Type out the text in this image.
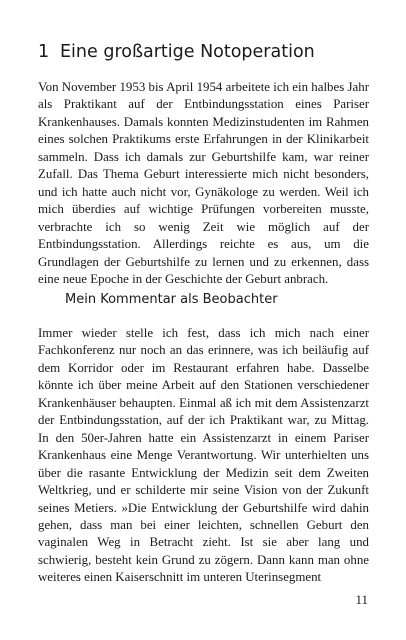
1 Eine großartige Notoperation

Von November 1953 bis April 1954 arbeitete ich ein halbes Jahr als Praktikant auf der Entbindungsstation eines Pariser Krankenhauses. Damals konnten Medizinstudenten im Rahmen eines solchen Praktikums erste Erfahrungen in der Klinikarbeit sammeln. Dass ich damals zur Geburtshilfe kam, war reiner Zufall. Das Thema Geburt interessierte mich nicht besonders, und ich hatte auch nicht vor, Gynäkologe zu werden. Weil ich mich überdies auf wichtige Prüfungen vorbereiten musste, verbrachte ich so wenig Zeit wie möglich auf der Entbindungsstation. Allerdings reichte es aus, um die Grundlagen der Geburtshilfe zu lernen und zu erkennen, dass eine neue Epoche in der Geschichte der Geburt anbrach.

Mein Kommentar als Beobachter

Immer wieder stelle ich fest, dass ich mich nach einer Fachkonferenz nur noch an das erinnere, was ich beiläufig auf dem Korridor oder im Restaurant erfahren habe. Dasselbe könnte ich über meine Arbeit auf den Stationen verschiedener Krankenhäuser behaupten. Einmal aß ich mit dem Assistenzarzt der Entbindungsstation, auf der ich Praktikant war, zu Mittag. In den 50er-Jahren hatte ein Assistenzarzt in einem Pariser Krankenhaus eine Menge Verantwortung. Wir unterhielten uns über die rasante Entwicklung der Medizin seit dem Zweiten Weltkrieg, und er schilderte mir seine Vision von der Zukunft seines Metiers. »Die Entwicklung der Geburtshilfe wird dahin gehen, dass man bei einer leichten, schnellen Geburt den vaginalen Weg in Betracht zieht. Ist sie aber lang und schwierig, besteht kein Grund zu zögern. Dann kann man ohne weiteres einen Kaiserschnitt im unteren Uterinsegment

11
